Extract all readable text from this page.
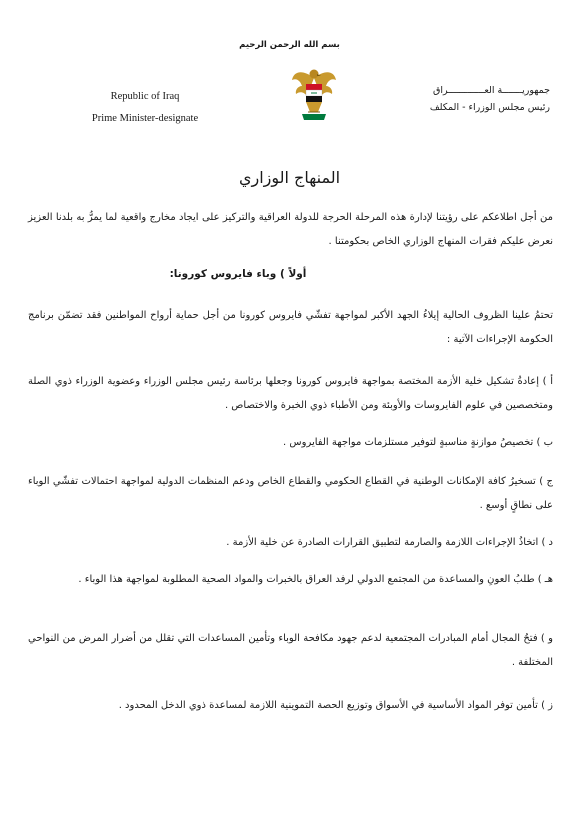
بسم الله الرحمن الرحيم
Republic of Iraq
Prime Minister-designate
جمهوريـــــــة العـــــــــــــراق
رئيس مجلس الوزراء - المكلف
المنهاج الوزاري
من أجل اطلاعكم على رؤيتنا لإدارة هذه المرحلة الحرجة للدولة العراقية والتركيز على ايجاد مخارج واقعية لما يمرُّ به بلدنا العزيز نعرض عليكم فقرات المنهاج الوزاري الخاص بحكومتنا .
أولاً ) وباء فايروس كورونا:
تحتمُ علينا الظروف الحالية إيلاءُ الجهد الأكبر لمواجهة تفشّي فايروس كورونا من أجل حماية أرواح المواطنين فقد تضمّن برنامج الحكومة الإجراءات الآتية :
أ ) إعادةُ تشكيل خلية الأزمة المختصة بمواجهة فايروس كورونا وجعلها برئاسة رئيس مجلس الوزراء وعضوية الوزراء ذوي الصلة ومتخصصين في علوم الفايروسات والأوبئة ومن الأطباء ذوي الخبرة والاختصاص .
ب ) تخصيصُ موازنةٍ مناسبةٍ لتوفير مستلزمات مواجهة الفايروس .
ج ) تسخيرُ كافة الإمكانات الوطنية في القطاع الحكومي والقطاع الخاص ودعم المنظمات الدولية لمواجهة احتمالات تفشّي الوباء على نطاقٍ أوسع .
د ) اتخاذُ الإجراءات اللازمة والصارمة لتطبيق القرارات الصادرة عن خلية الأزمة .
هـ ) طلبُ العونِ والمساعدة من المجتمع الدولي لرفد العراق بالخبرات والمواد الصحية المطلوبة لمواجهة هذا الوباء .
و ) فتحُ المجال أمام المبادرات المجتمعية لدعم جهود مكافحة الوباء وتأمين المساعدات التي تقلل من أضرار المرض من النواحي المختلفة .
ز ) تأمين توفر المواد الأساسية في الأسواق وتوزيع الحصة التموينية اللازمة لمساعدة ذوي الدخل المحدود .
